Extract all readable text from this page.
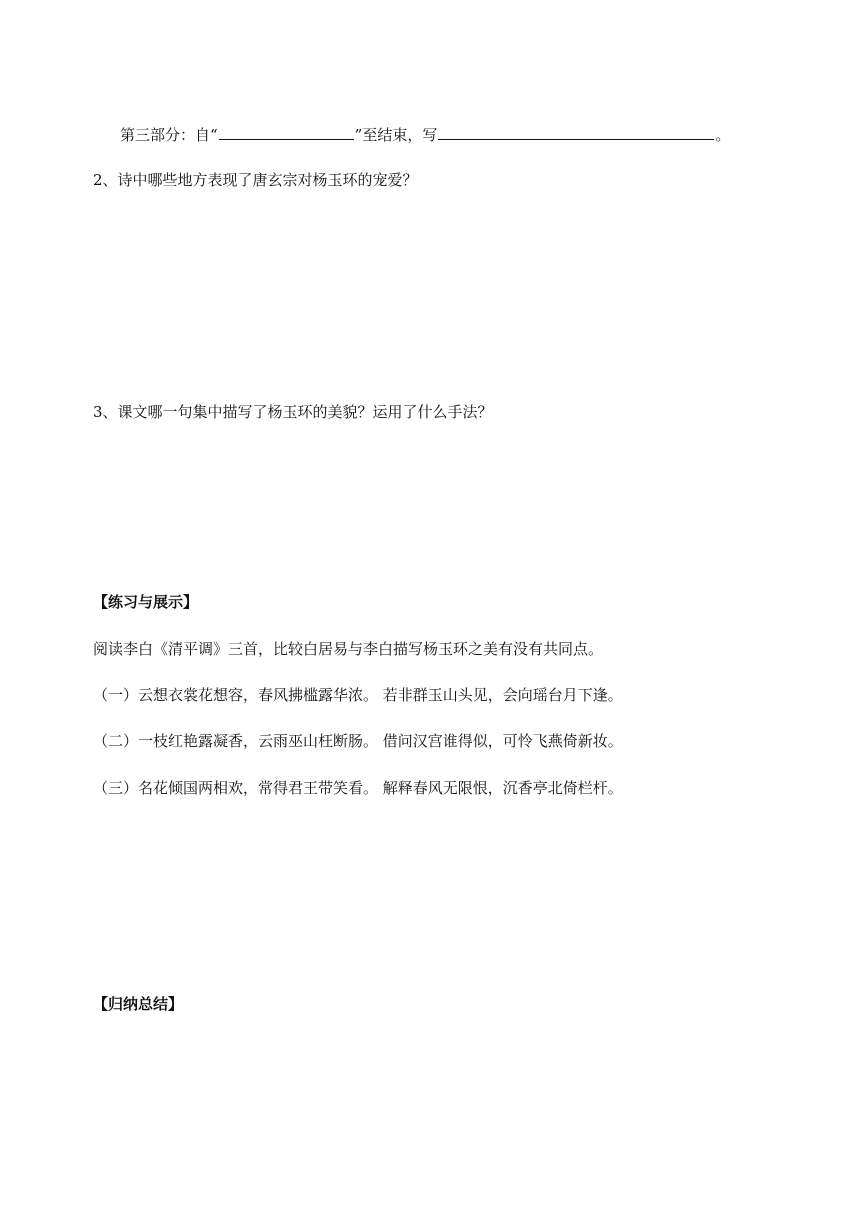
第三部分：自“	”至结束，写	。
2、诗中哪些地方表现了唐玄宗对杨玉环的宠爱？
3、课文哪一句集中描写了杨玉环的美貌？运用了什么手法？
【练习与展示】
阅读李白《清平调》三首，比较白居易与李白描写杨玉环之美有没有共同点。
（一）云想衣裳花想容，春风拂槛露华浓。 若非群玉山头见，会向瑶台月下逢。
（二）一枝红艳露凝香，云雨巫山枉断肠。 借问汉宫谁得似，可怜飞燕倚新妆。
（三）名花倾国两相欢，常得君王带笑看。 解释春风无限恨，沉香亭北倚栏杆。
【归纳总结】
